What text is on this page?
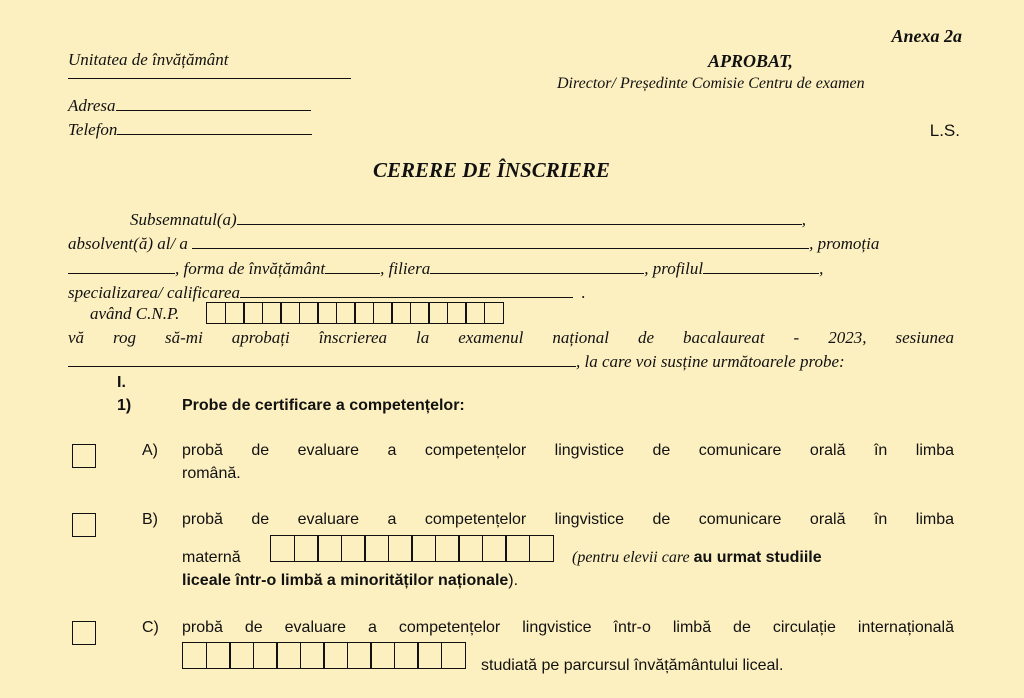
Anexa 2a
Unitatea de învățământ	APROBAT,
Director/ Președinte Comisie Centru de examen
Adresa
Telefon	L.S.
CERERE DE ÎNSCRIERE
Subsemnatul(a)	,
absolvent(ă) al/ a	, promoția
, forma de învățământ	, filiera	, profilul	,
specializarea/ calificarea	.
având C.N.P.
vă rog să-mi aprobați înscrierea la examenul național de bacalaureat - 2023, sesiunea
, la care voi susține următoarele probe:
I.
1)	Probe de certificare a competențelor:
A) probă de evaluare a competențelor lingvistice de comunicare orală în limba
română.
B) probă de evaluare a competențelor lingvistice de comunicare orală în limba
maternă	(pentru elevii care au urmat studiile
liceale într-o limbă a minorităților naționale).
C) probă de evaluare a competențelor lingvistice într-o limbă de circulație internațională
studiată pe parcursul învățământului liceal.
